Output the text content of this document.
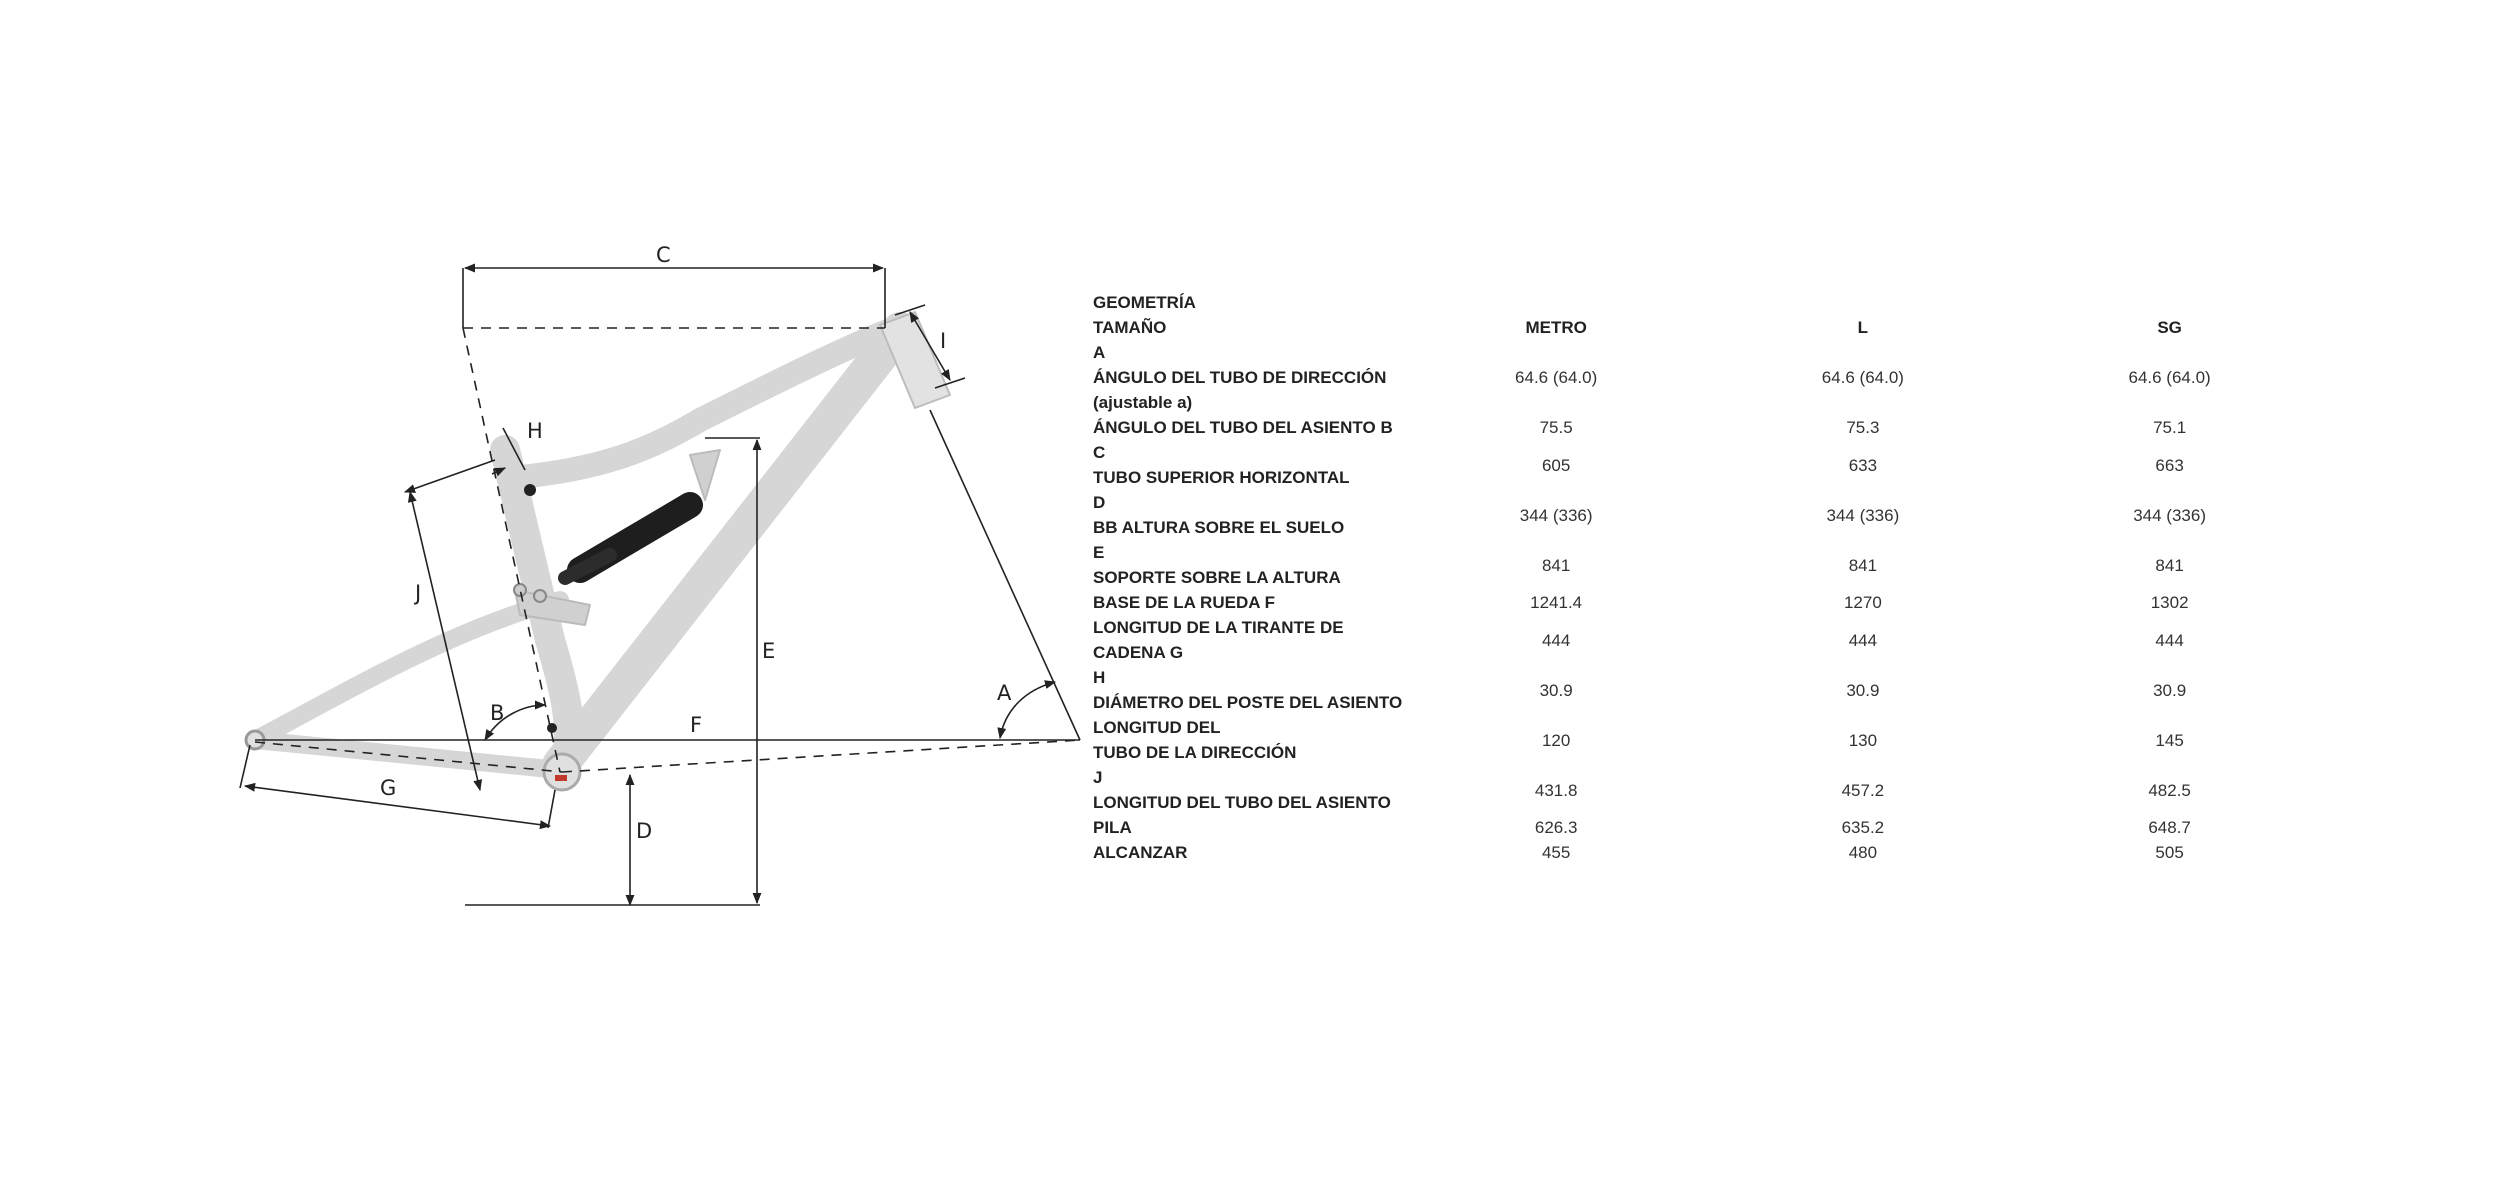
A
B
C
D
E
F
G
H
I
J
GEOMETRÍA			
TAMAÑO	METRO	L	SG

A
ÁNGULO DEL TUBO DE DIRECCIÓN
(ajustable a)	64.6 (64.0)	64.6 (64.0)	64.6 (64.0)

ÁNGULO DEL TUBO DEL ASIENTO B	75.5	75.3	75.1

C
TUBO SUPERIOR HORIZONTAL	605	633	663

D
BB ALTURA SOBRE EL SUELO	344 (336)	344 (336)	344 (336)

E
SOPORTE SOBRE LA ALTURA	841	841	841

BASE DE LA RUEDA F	1241.4	1270	1302

LONGITUD DE LA TIRANTE DE
CADENA G	444	444	444

H
DIÁMETRO DEL POSTE DEL ASIENTO	30.9	30.9	30.9

LONGITUD DEL
TUBO DE LA DIRECCIÓN	120	130	145

J
LONGITUD DEL TUBO DEL ASIENTO	431.8	457.2	482.5

PILA	626.3	635.2	648.7

ALCANZAR	455	480	505
